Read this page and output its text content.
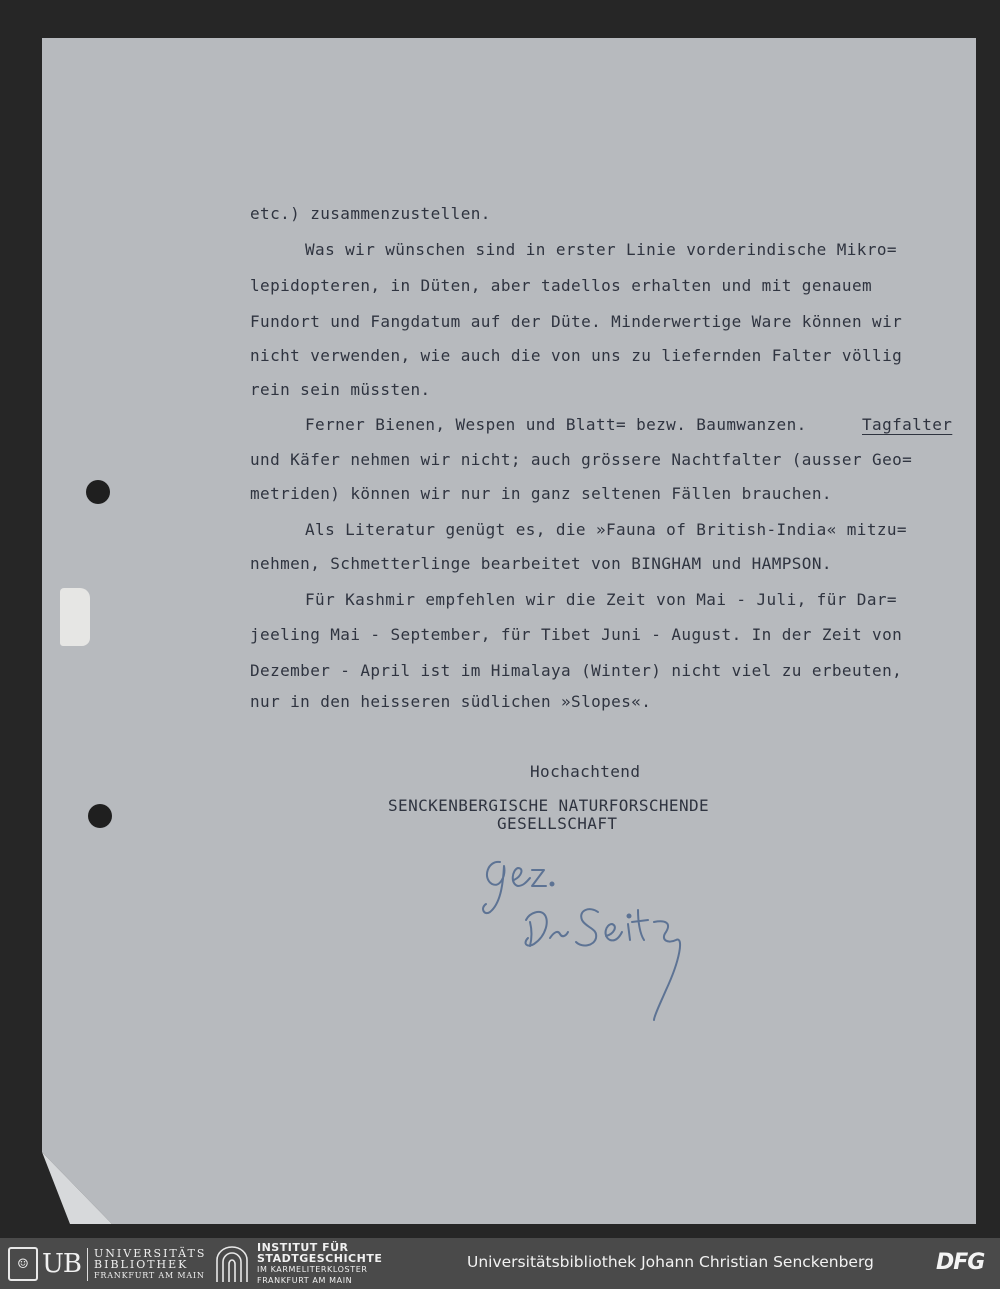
etc.) zusammenzustellen.
Was wir wünschen sind in erster Linie vorderindische Mikro=
lepidopteren, in Düten, aber tadellos erhalten und mit genauem
Fundort und Fangdatum auf der Düte. Minderwertige Ware können wir
nicht verwenden, wie auch die von uns zu liefernden Falter völlig
rein sein müssten.
Ferner Bienen, Wespen und Blatt= bezw. Baumwanzen.	Tagfalter
und Käfer nehmen wir nicht; auch grössere Nachtfalter (ausser Geo=
metriden) können wir nur in ganz seltenen Fällen brauchen.
Als Literatur genügt es, die »Fauna of British-India« mitzu=
nehmen, Schmetterlinge bearbeitet von BINGHAM und HAMPSON.
Für Kashmir empfehlen wir die Zeit von Mai - Juli, für Dar=
jeeling Mai - September, für Tibet Juni - August. In der Zeit von
Dezember - April ist im Himalaya (Winter) nicht viel zu erbeuten,
nur in den heisseren südlichen »Slopes«.
Hochachtend
SENCKENBERGISCHE NATURFORSCHENDE
GESELLSCHAFT
☺ UB UNIVERSITÄTS
BIBLIOTHEK
FRANKFURT AM MAIN
INSTITUT FÜR
STADTGESCHICHTE
IM KARMELITERKLOSTER
FRANKFURT AM MAIN
Universitätsbibliothek Johann Christian Senckenberg	DFG
